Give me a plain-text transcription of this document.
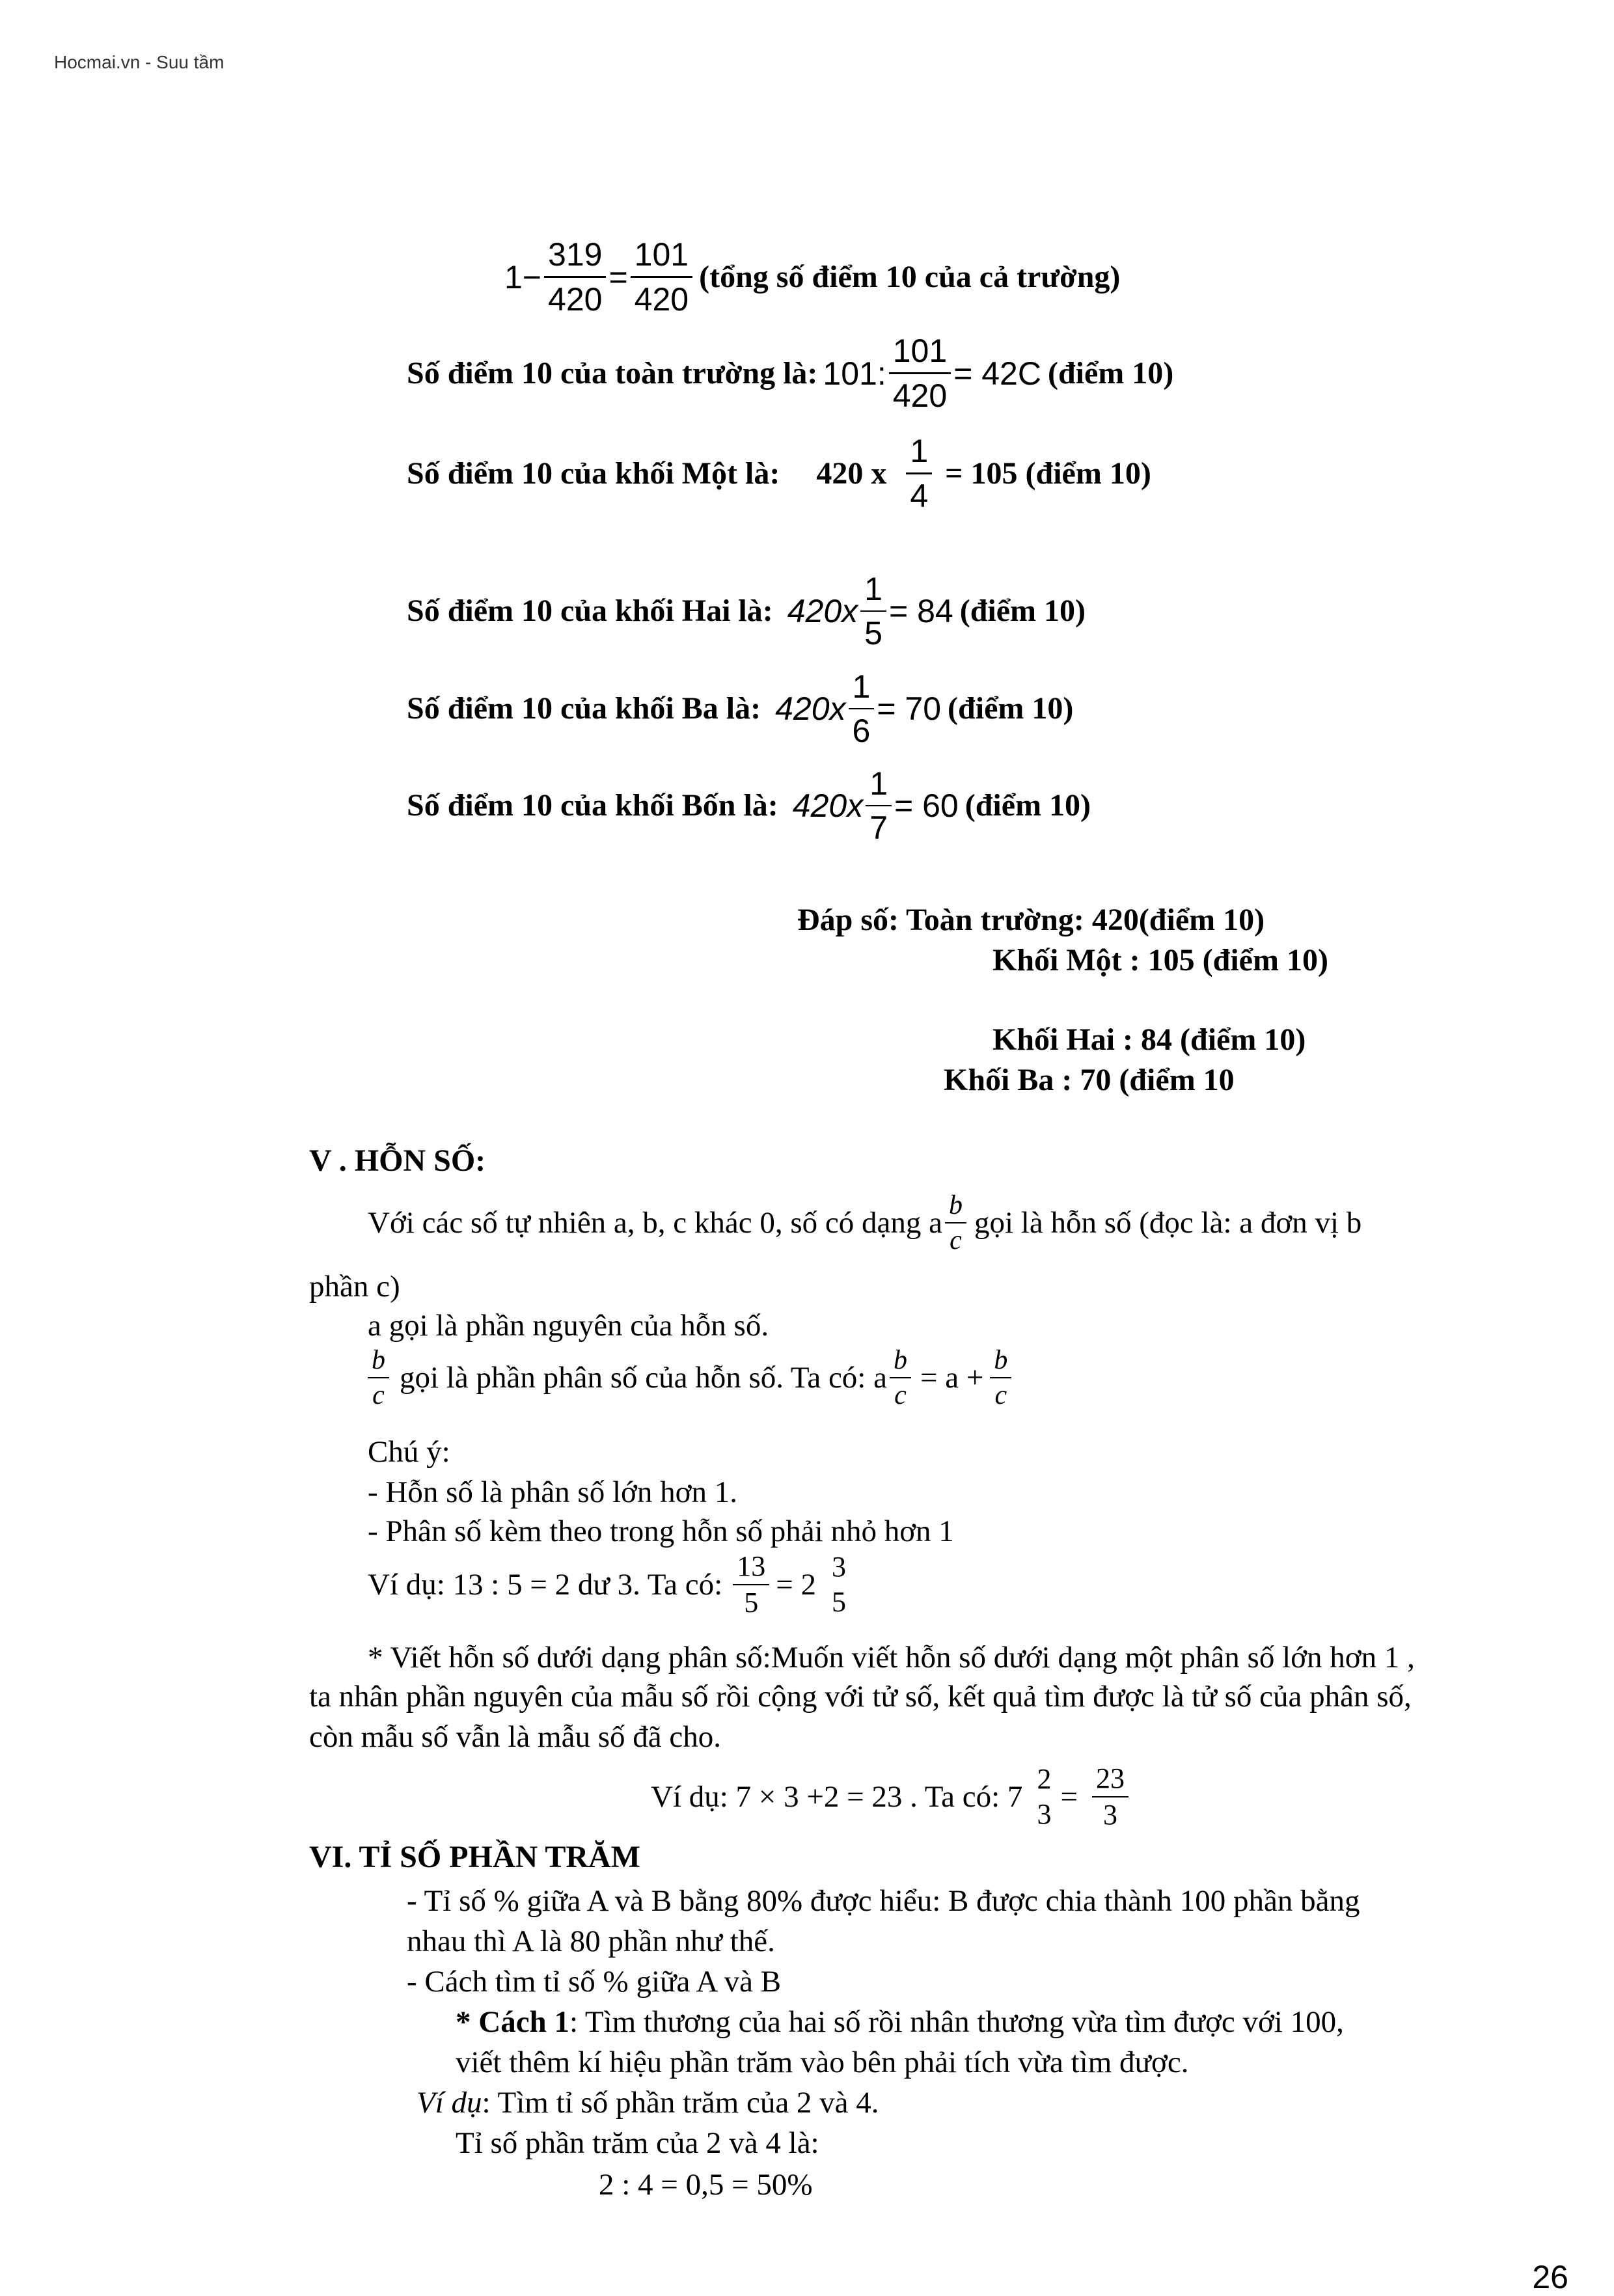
Hocmai.vn - Suu tầm
$1- \frac{319}{420} = \frac{101}{420}$ (tổng số điểm 10 của cả trường)
Số điểm 10 của toàn trường là: 101: $\frac{101}{420} = 42C$ (điểm 10)
Số điểm 10 của khối Một là: 420 x $\frac{1}{4} = 105$ (điểm 10)
Số điểm 10 của khối Hai là: $420x \frac{1}{5} = 84$ (điểm 10)
Số điểm 10 của khối Ba là: $420x \frac{1}{6} = 70$ (điểm 10)
Số điểm 10 của khối Bốn là: $420x \frac{1}{7} = 60$ (điểm 10)
Đáp số: Toàn trường: 420(điểm 10)
Khối Một : 105 (điểm 10)
Khối Hai : 84 (điểm 10)
Khối Ba : 70 (điểm 10
V . HỖN SỐ:
Với các số tự nhiên a, b, c khác 0, số có dạng a $\frac{b}{c}$ gọi là hỗn số (đọc là: a đơn vị b
phần c)
a gọi là phần nguyên của hỗn số.
$\frac{b}{c}$ gọi là phần phân số của hỗn số. Ta có: a $\frac{b}{c} = a + \frac{b}{c}$
Chú ý:
- Hỗn số là phân số lớn hơn 1.
- Phân số kèm theo trong hỗn số phải nhỏ hơn 1
Ví dụ: 13 : 5 = 2 dư 3. Ta có: $\frac{13}{5} = 2$
3
5
* Viết hỗn số dưới dạng phân số:Muốn viết hỗn số dưới dạng một phân số lớn hơn 1 ,
ta nhân phần nguyên của mẫu số rồi cộng với tử số, kết quả tìm được là tử số của phân số,
còn mẫu số vẫn là mẫu số đã cho.
Ví dụ: 7 × 3 +2 = 23 . Ta có: 7
2
3
= $\frac{23}{3}$
VI. TỈ SỐ PHẦN TRĂM
- Tỉ số % giữa A và B bằng 80% được hiểu: B được chia thành 100 phần bằng
nhau thì A là 80 phần như thế.
- Cách tìm tỉ số % giữa A và B
* Cách 1: Tìm thương của hai số rồi nhân thương vừa tìm được với 100,
viết thêm kí hiệu phần trăm vào bên phải tích vừa tìm được.
Ví dụ: Tìm tỉ số phần trăm của 2 và 4.
Tỉ số phần trăm của 2 và 4 là:
2 : 4 = 0,5 = 50%
26
